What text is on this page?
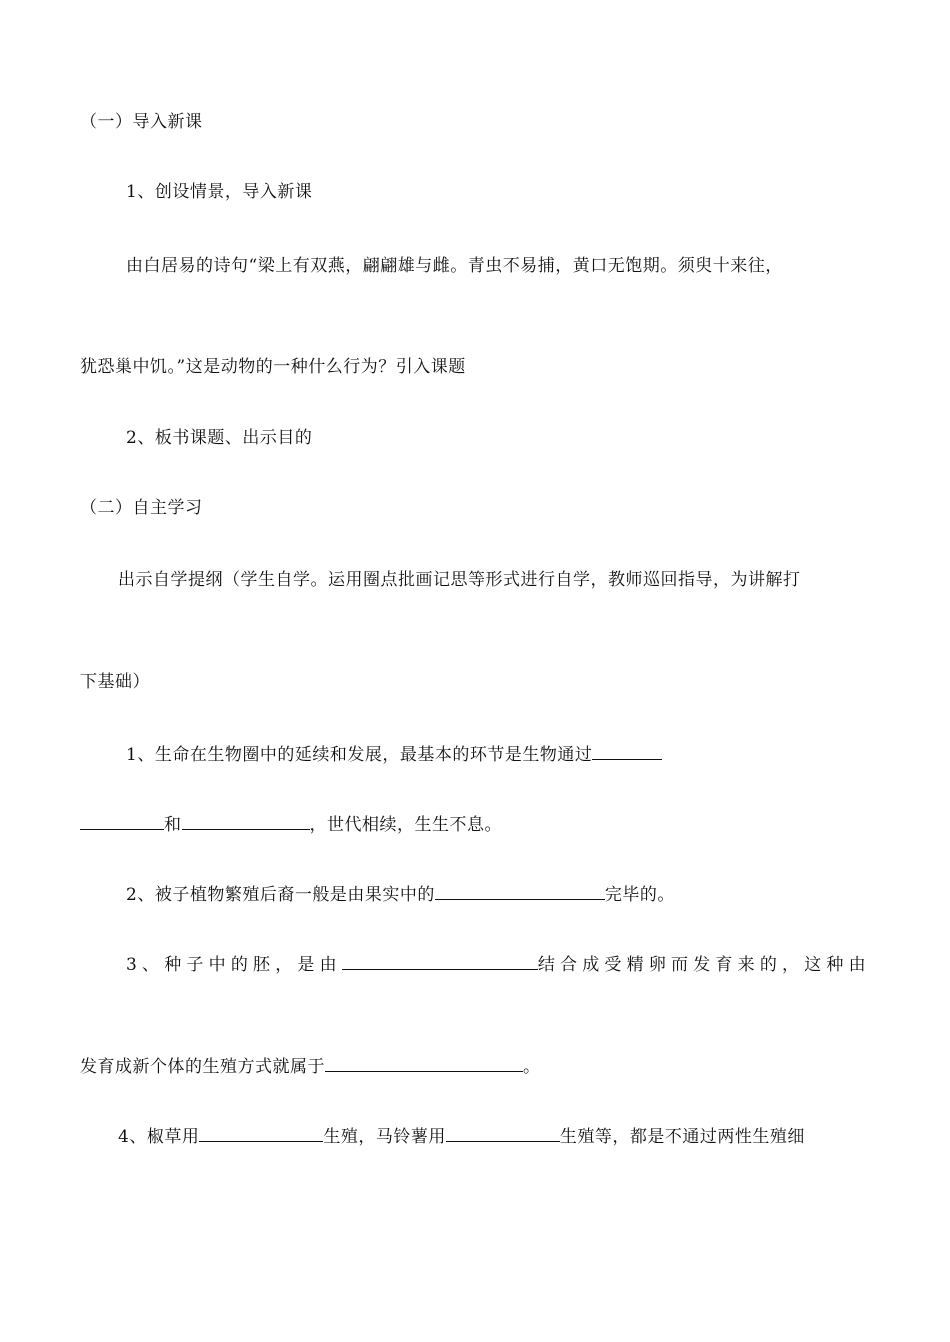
（一）导入新课
1、创设情景，导入新课
由白居易的诗句“梁上有双燕，翩翩雄与雌。青虫不易捕，黄口无饱期。须臾十来往，
犹恐巢中饥。”这是动物的一种什么行为？引入课题
2、板书课题、出示目的
（二）自主学习
出示自学提纲（学生自学。运用圈点批画记思等形式进行自学，教师巡回指导，为讲解打
下基础）
1、生命在生物圈中的延续和发展，最基本的环节是生物通过
和	，世代相续，生生不息。
2、被子植物繁殖后裔一般是由果实中的	完毕的。
3、种子中的胚，是由	结合成受精卵而发育来的，这种由
发育成新个体的生殖方式就属于	。
4、椒草用	生殖，马铃薯用	生殖等，都是不通过两性生殖细
